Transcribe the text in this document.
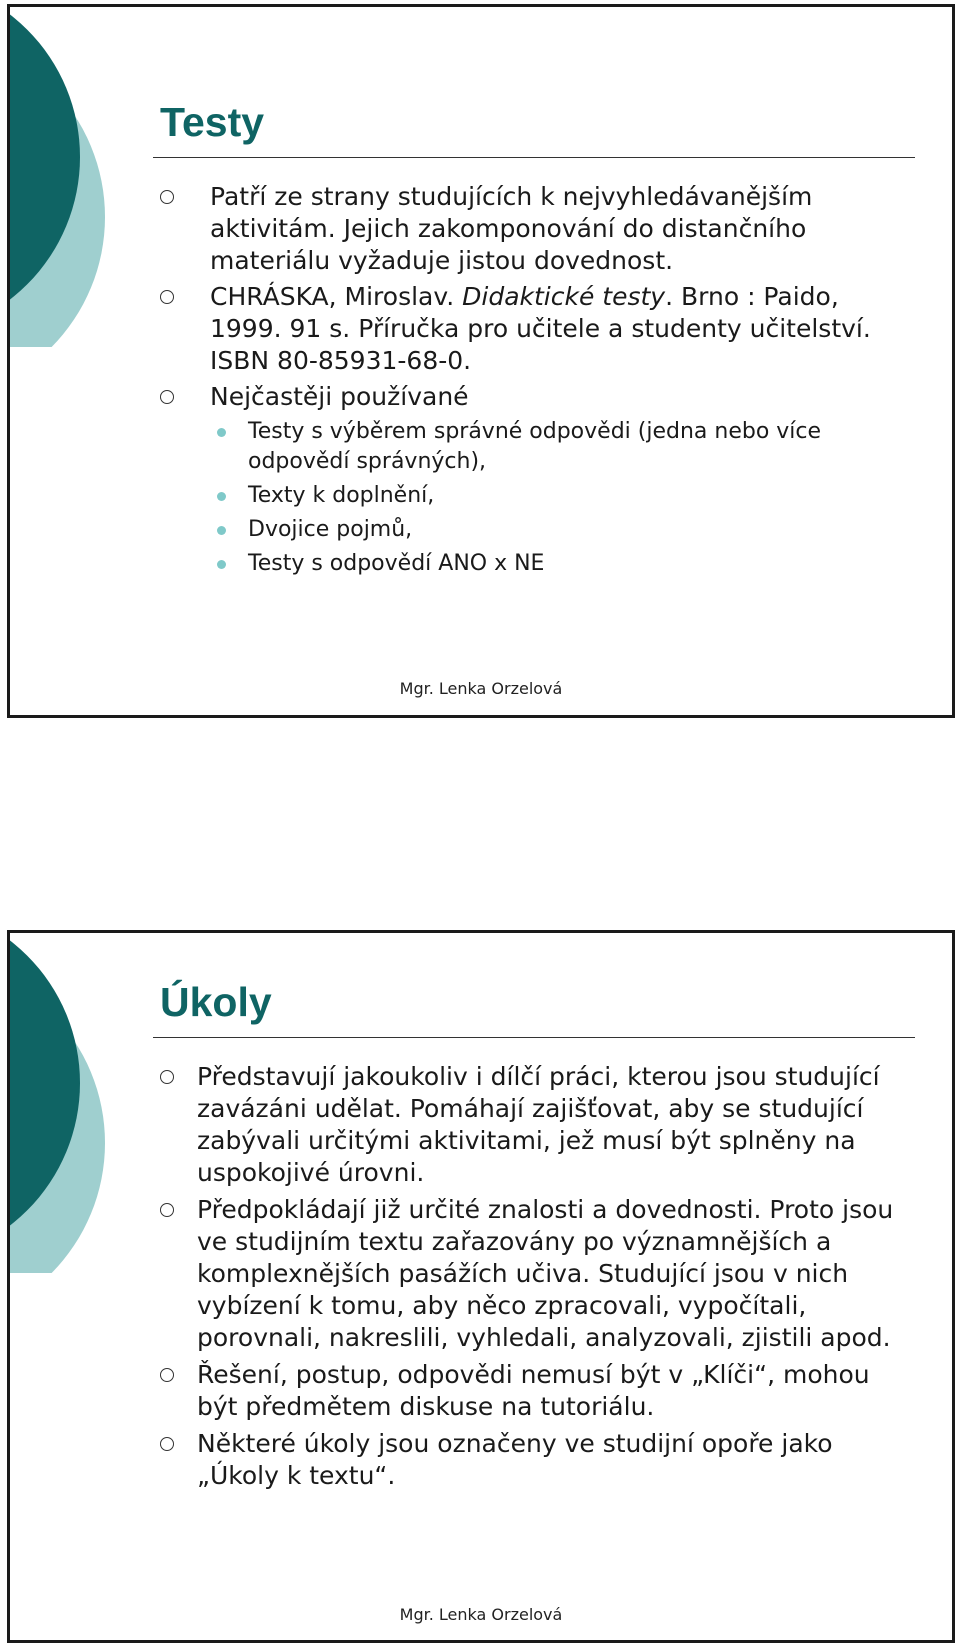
Testy
Patří ze strany studujících k nejvyhledávanějším aktivitám. Jejich zakomponování do distančního materiálu vyžaduje jistou dovednost.
CHRÁSKA, Miroslav. Didaktické testy. Brno : Paido, 1999. 91 s. Příručka pro učitele a studenty učitelství. ISBN 80-85931-68-0.
Nejčastěji používané
Testy s výběrem správné odpovědi (jedna nebo více odpovědí správných),
Texty k doplnění,
Dvojice pojmů,
Testy s odpovědí ANO x NE
Mgr. Lenka Orzelová
Úkoly
Představují jakoukoliv i dílčí práci, kterou jsou studující zavázáni udělat. Pomáhají zajišťovat, aby se studující zabývali určitými aktivitami, jež musí být splněny na uspokojivé úrovni.
Předpokládají již určité znalosti a dovednosti. Proto jsou ve studijním textu zařazovány po významnějších a komplexnějších pasážích učiva. Studující jsou v nich vybízení k tomu, aby něco zpracovali, vypočítali, porovnali, nakreslili, vyhledali, analyzovali, zjistili apod.
Řešení, postup, odpovědi nemusí být v „Klíči“, mohou být předmětem diskuse na tutoriálu.
Některé úkoly jsou označeny ve studijní opoře jako „Úkoly k textu“.
Mgr. Lenka Orzelová
